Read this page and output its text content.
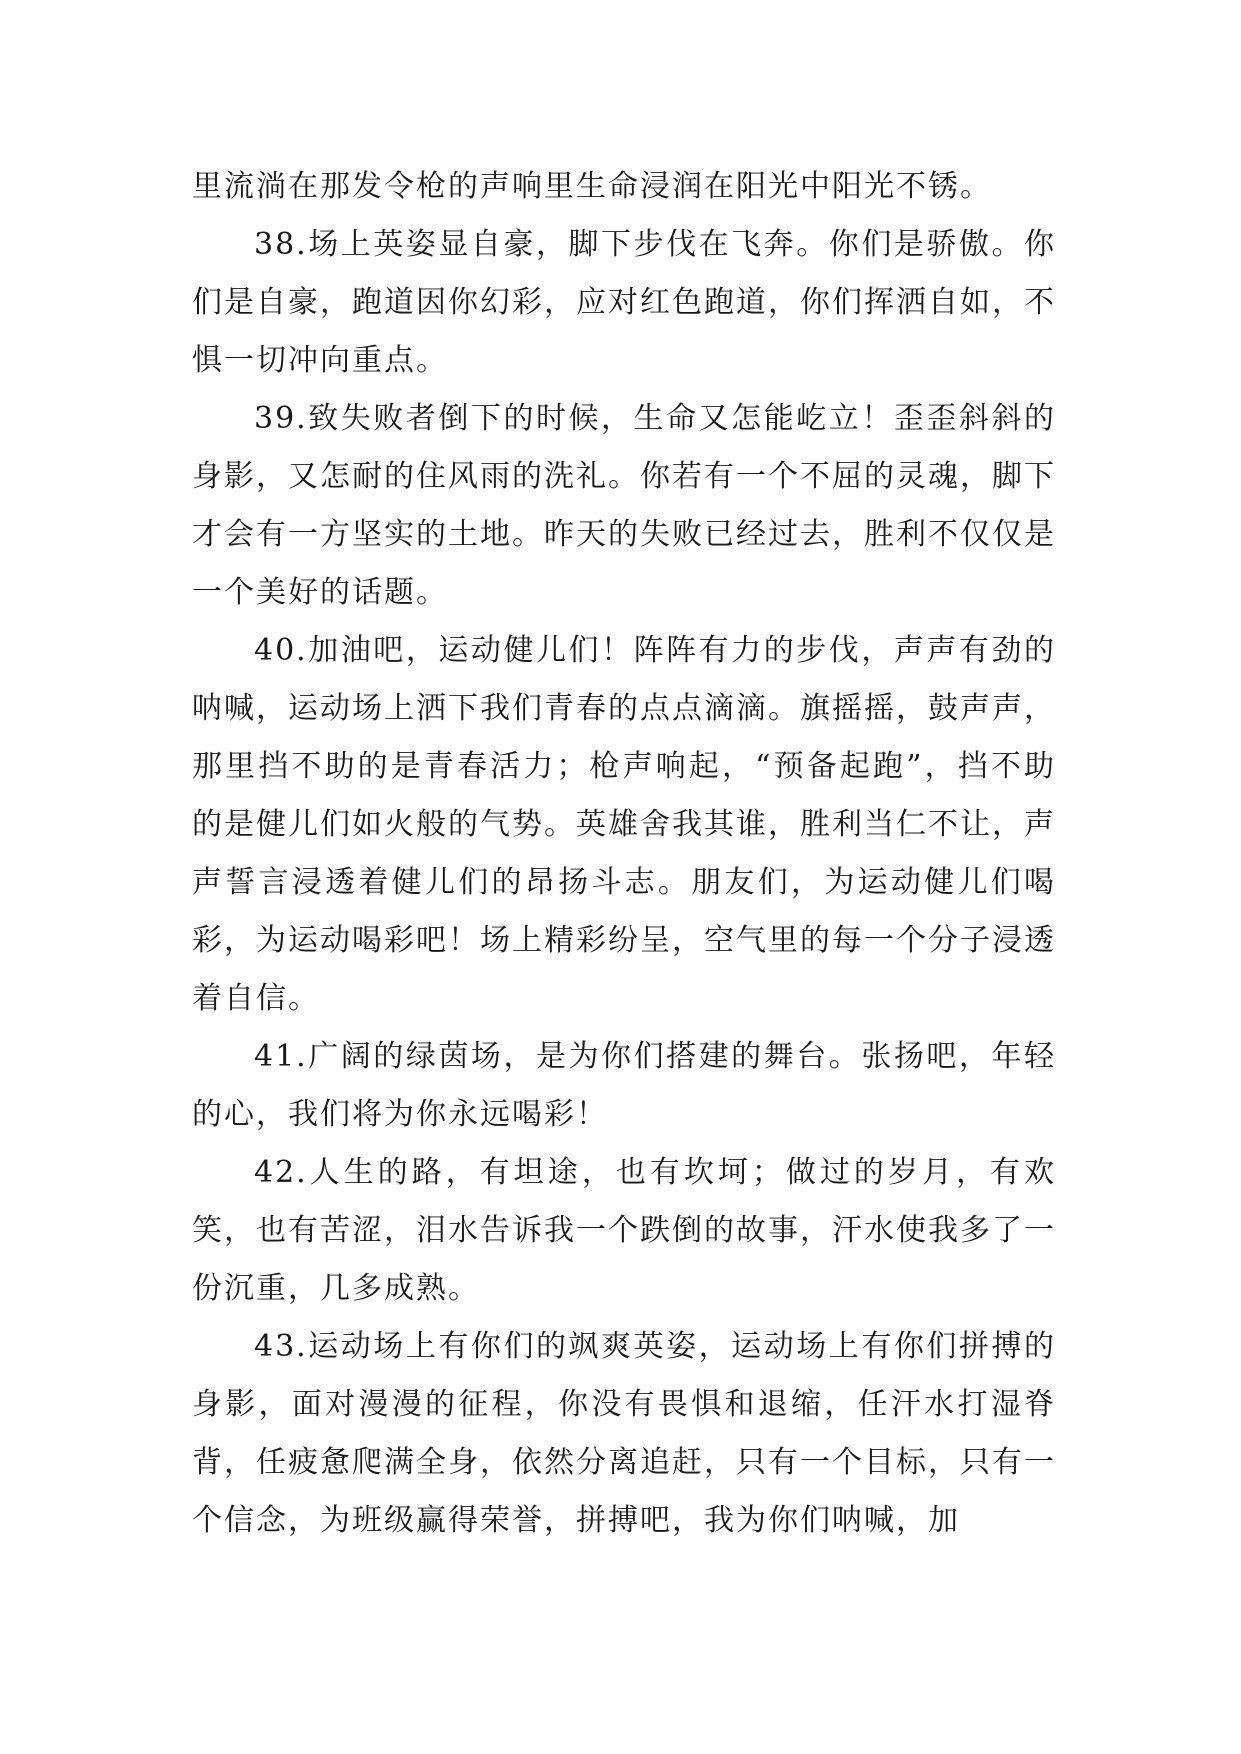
里流淌在那发令枪的声响里生命浸润在阳光中阳光不锈。

38.场上英姿显自豪，脚下步伐在飞奔。你们是骄傲。你们是自豪，跑道因你幻彩，应对红色跑道，你们挥洒自如，不惧一切冲向重点。

39.致失败者倒下的时候，生命又怎能屹立！歪歪斜斜的身影，又怎耐的住风雨的洗礼。你若有一个不屈的灵魂，脚下才会有一方坚实的土地。昨天的失败已经过去，胜利不仅仅是一个美好的话题。

40.加油吧，运动健儿们！阵阵有力的步伐，声声有劲的呐喊，运动场上洒下我们青春的点点滴滴。旗摇摇，鼓声声，那里挡不助的是青春活力；枪声响起，“预备起跑”，挡不助的是健儿们如火般的气势。英雄舍我其谁，胜利当仁不让，声声誓言浸透着健儿们的昂扬斗志。朋友们，为运动健儿们喝彩，为运动喝彩吧！场上精彩纷呈，空气里的每一个分子浸透着自信。

41.广阔的绿茵场，是为你们搭建的舞台。张扬吧，年轻的心，我们将为你永远喝彩！

42.人生的路，有坦途，也有坎坷；做过的岁月，有欢笑，也有苦涩，泪水告诉我一个跌倒的故事，汗水使我多了一份沉重，几多成熟。

43.运动场上有你们的飒爽英姿，运动场上有你们拼搏的身影，面对漫漫的征程，你没有畏惧和退缩，任汗水打湿脊背，任疲惫爬满全身，依然分离追赶，只有一个目标，只有一个信念，为班级赢得荣誉，拼搏吧，我为你们呐喊，加
